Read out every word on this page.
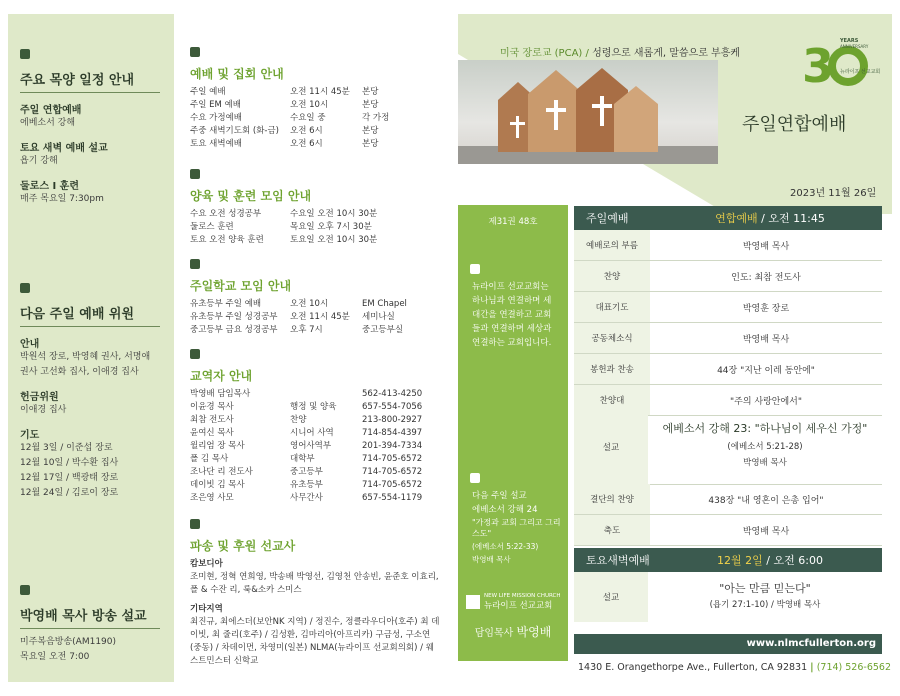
주요 목양 일정 안내
주일 연합예배
에베소서 강해
토요 새벽 예배 설교
욥기 강해
둘로스 I 훈련
매주 목요일 7:30pm
다음 주일 예배 위원
안내
박원석 장로, 박영혜 권사, 서명애 권사 고선화 집사, 이애경 집사
헌금위원
이애경 집사
기도
12월 3일 / 이준섭 장로
12월 10일 / 박수환 집사
12월 17일 / 백광태 장로
12월 24일 / 김로이 장로
박영배 목사 방송 설교
미주복음방송(AM1190)
목요일 오전 7:00
예배 및 집회 안내
주일 예배	오전 11시 45분	본당
주일 EM 예배	오전 10시	본당
수요 가정예배	수요일 중	각 가정
주중 새벽기도회 (화-금)	오전 6시	본당
토요 새벽예배	오전 6시	본당
양육 및 훈련 모임 안내
수요 오전 성경공부	수요일 오전 10시 30분
둘로스 훈련	목요일 오후 7시 30분
토요 오전 양육 훈련	토요일 오전 10시 30분
주일학교 모임 안내
유초등부 주일 예배	오전 10시	EM Chapel
유초등부 주일 성경공부	오전 11시 45분	세미나실
중고등부 금요 성경공부	오후 7시	중고등부실
교역자 안내
박영배 담임목사	562-413-4250
이윤경 목사	행정 및 양육	657-554-7056
최참 전도사	찬양	213-800-2927
윤여신 목사	시니어 사역	714-854-4397
윌리엄 장 목사	영어사역부	201-394-7334
폴 김 목사	대학부	714-705-6572
조나단 리 전도사	중고등부	714-705-6572
데이빗 김 목사	유초등부	714-705-6572
조은영 사모	사무간사	657-554-1179
파송 및 후원 선교사
캄보디아
조미현, 정혁 연희영, 박송배 박영선, 김영천 안송빈, 윤준호 이효리, 폴 & 수잔 리, 룩&소카 스미스
기타지역
최진규, 최에스더(보안NK 지역) / 정진수, 정클라우디아(호주) 최 데이빗, 최 줄리(호주) / 김성환, 김마리아(아프리카) 구금성, 구소연(중동) / 차데이먼, 차영미(일본) NLMA(뉴라이프 선교회의회) / 웨스트민스터 신학교
미국 장로교 (PCA) / 성령으로 새롭게, 말씀으로 부흥케 3 YEARS
ANNIVERSARY
뉴라이프 선교교회
주일연합예배
2023년 11월 26일
제31권 48호
뉴라이프 선교교회는 하나님과 연결하며 세대간을 연결하고 교회들과 연결하며 세상과 연결하는 교회입니다.
다음 주일 설교
에베소서 강해 24
"가정과 교회 그리고 그리스도"
(에베소서 5:22-33)
박영배 목사
NEW LIFE MISSION CHURCH
뉴라이프 선교교회
담임목사 박영배
주일예배	연합예배 / 오전 11:45
예배로의 부름	박영배 목사
찬양	인도: 최참 전도사
대표기도	박영훈 장로
공동체소식	박영배 목사
봉헌과 찬송	44장 "지난 이레 동안에"
찬양대	"주의 사랑안에서"
설교
에베소서 강해 23: "하나님이 세우신 가정"
(에베소서 5:21-28)
박영배 목사
결단의 찬양	438장 "내 영혼이 은총 입어"
축도	박영배 목사
토요새벽예배	12월 2일 / 오전 6:00
설교
"아는 만큼 믿는다"
(욥기 27:1-10) / 박영배 목사
www.nlmcfullerton.org
1430 E. Orangethorpe Ave., Fullerton, CA 92831 | (714) 526-6562
